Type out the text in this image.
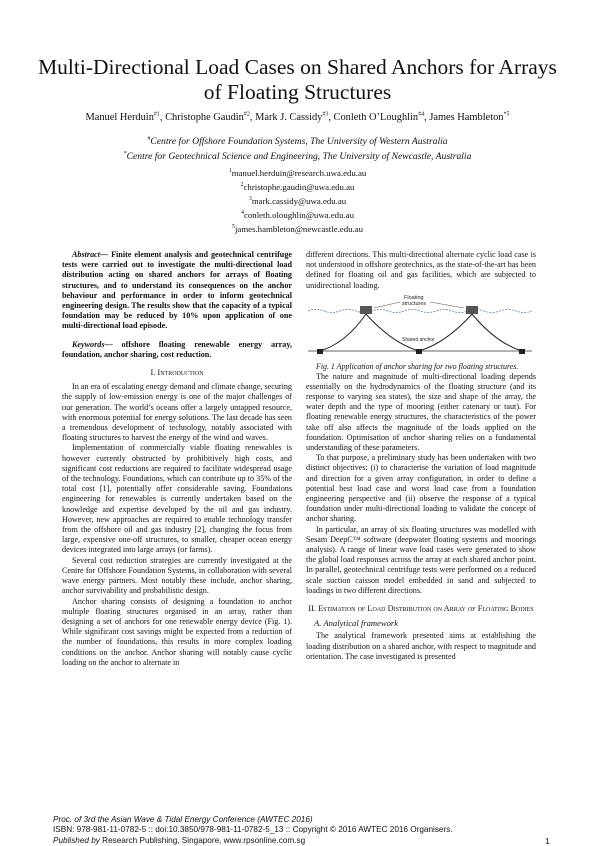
Multi-Directional Load Cases on Shared Anchors for Arrays of Floating Structures
Manuel Herduin$^{\#1}$, Christophe Gaudin$^{\#2}$, Mark J. Cassidy$^{\#3}$, Conleth O’Loughlin$^{\#4}$, James Hambleton$^{*5}$
#Centre for Offshore Foundation Systems, The University of Western Australia
*Centre for Geotechnical Science and Engineering, The University of Newcastle, Australia
$^1$manuel.herduin@research.uwa.edu.au
$^2$christophe.gaudin@uwa.edu.au
$^3$mark.cassidy@uwa.edu.au
$^4$conleth.oloughlin@uwa.edu.au
$^5$james.hambleton@newcastle.edu.au

Abstract— Finite element analysis and geotechnical centrifuge tests were carried out to investigate the multi-directional load distribution acting on shared anchors for arrays of floating structures, and to understand its consequences on the anchor behaviour and performance in order to inform geotechnical engineering design. The results show that the capacity of a typical foundation may be reduced by 10% upon application of one multi-directional load episode.

Keywords— offshore floating renewable energy array, foundation, anchor sharing, cost reduction.

I. Introduction

In an era of escalating energy demand and climate change, securing the supply of low-emission energy is one of the major challenges of our generation. The world’s oceans offer a largely untapped resource, with enormous potential for energy solutions. The last decade has seen a tremendous development of technology, notably associated with floating structures to harvest the energy of the wind and waves.

Implementation of commercially viable floating renewables is however currently obstructed by prohibitively high costs, and significant cost reductions are required to facilitate widespread usage of the technology. Foundations, which can contribute up to 35% of the total cost [1], potentially offer considerable saving. Foundations engineering for renewables is currently undertaken based on the knowledge and expertise developed by the oil and gas industry. However, new approaches are required to enable technology transfer from the offshore oil and gas industry [2], changing the focus from large, expensive one-off structures, to smaller, cheaper ocean energy devices integrated into large arrays (or farms).

Several cost reduction strategies are currently investigated at the Centre for Offshore Foundation Systems, in collaboration with several wave energy partners. Most notably these include, anchor sharing, anchor survivability and probabilistic design.

Anchor sharing consists of designing a foundation to anchor multiple floating structures organised in an array, rather than designing a set of anchors for one renewable energy device (Fig. 1). While significant cost savings might be expected from a reduction of the number of foundations, this results in more complex loading conditions on the anchor. Anchor sharing will notably cause cyclic loading on the anchor to alternate in

different directions. This multi-directional alternate cyclic load case is not understood in offshore geotechnics, as the state-of-the-art has been defined for floating oil and gas facilities, which are subjected to unidirectional loading.

Floating
structures
Shared anchor

Fig. 1 Application of anchor sharing for two floating structures.

The nature and magnitude of multi-directional loading depends essentially on the hydrodynamics of the floating structure (and its response to varying sea states), the size and shape of the array, the water depth and the type of mooring (either catenary or taut). For floating renewable energy structures, the characteristics of the power take off also affects the magnitude of the loads applied on the foundation. Optimisation of anchor sharing relies on a fundamental understanding of these parameters.

To that purpose, a preliminary study has been undertaken with two distinct objectives: (i) to characterise the variation of load magnitude and direction for a given array configuration, in order to define a potential best load case and worst load case from a foundation engineering perspective and (ii) observe the response of a typical foundation under multi-directional loading to validate the concept of anchor sharing.

In particular, an array of six floating structures was modelled with Sesam DeepC™ software (deepwater floating systems and moorings analysis). A range of linear wave load cases were generated to show the global load responses across the array at each shared anchor point. In parallel, geotechnical centrifuge tests were performed on a reduced scale suction caisson model embedded in sand and subjected to loadings in two different directions.

II. Estimation of Load Distribution on Array of Floating Bodies
A. Analytical framework

The analytical framework presented aims at establishing the loading distribution on a shared anchor, with respect to magnitude and orientation. The case investigated is presented

Proc. of 3rd the Asian Wave & Tidal Energy Conference (AWTEC 2016)
ISBN: 978-981-11-0782-5 :: doi:10.3850/978-981-11-0782-5_13 :: Copyright © 2016 AWTEC 2016 Organisers.
Published by Research Publishing, Singapore, www.rpsonline.com.sg	1
